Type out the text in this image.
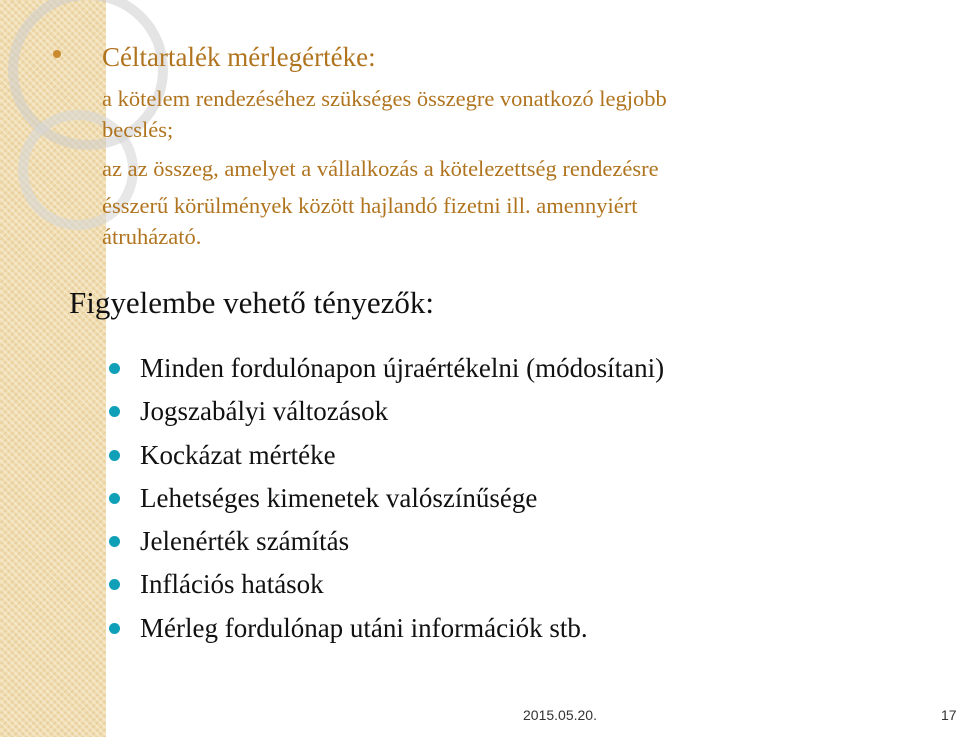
Céltartalék mérlegértéke:

a kötelem rendezéséhez szükséges összegre vonatkozó legjobb

becslés;

az az összeg, amelyet a vállalkozás a kötelezettség rendezésre

ésszerű körülmények között hajlandó fizetni ill. amennyiért

átruházató.

Figyelembe vehető tényezők:

Minden fordulónapon újraértékelni (módosítani)
Jogszabályi változások
Kockázat mértéke
Lehetséges kimenetek valószínűsége
Jelenérték számítás
Inflációs hatások
Mérleg fordulónap utáni információk stb.
2015.05.20.	17
